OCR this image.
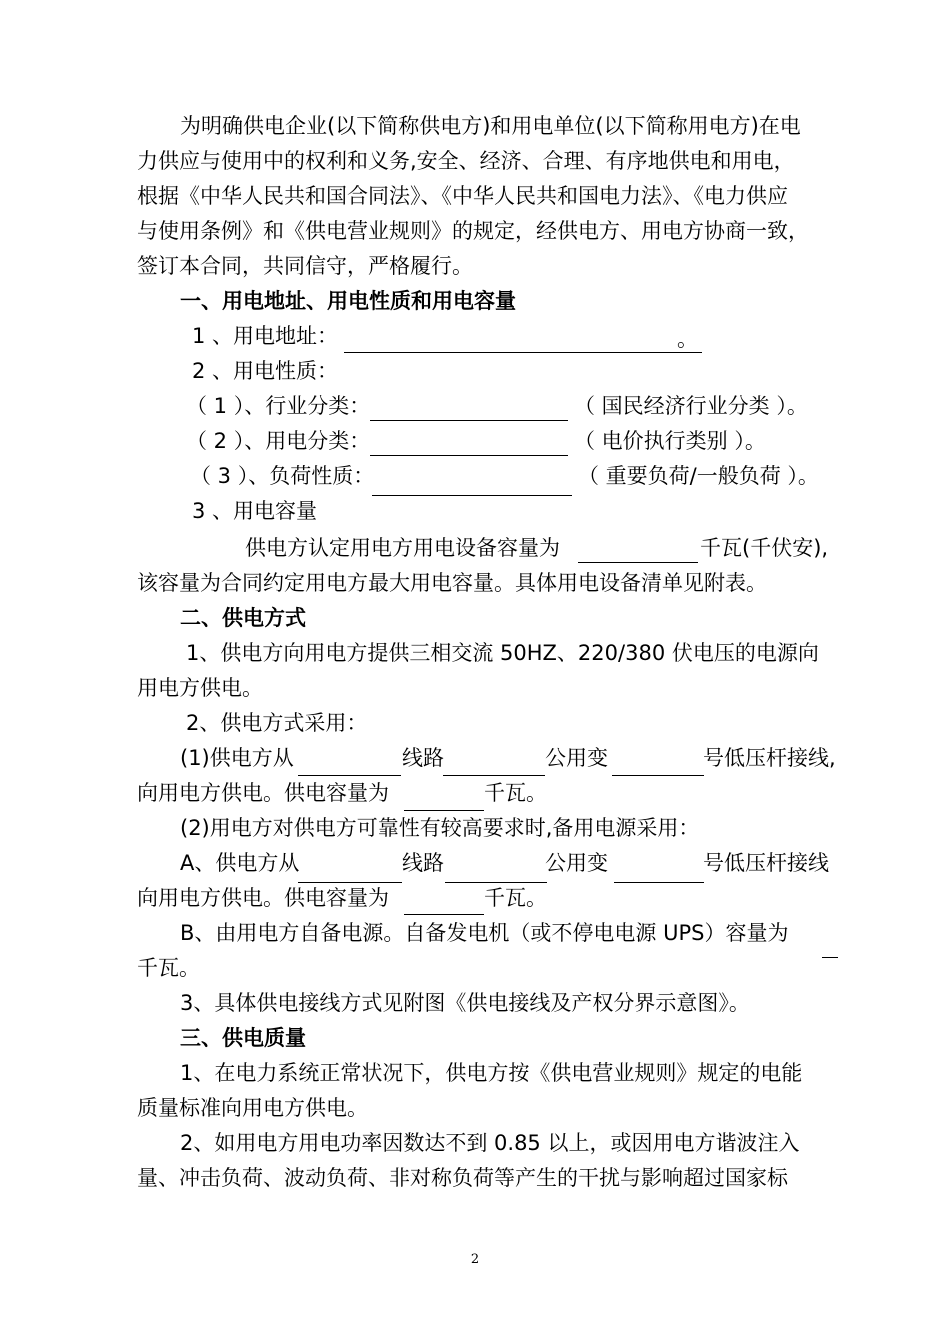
为明确供电企业(以下简称供电方)和用电单位(以下简称用电方)在电
力供应与使用中的权利和义务,安全、经济、合理、有序地供电和用电，
根据《中华人民共和国合同法》、《中华人民共和国电力法》、《电力供应
与使用条例》和《供电营业规则》的规定，经供电方、用电方协商一致，
签订本合同，共同信守，严格履行。
一、用电地址、用电性质和用电容量
1 、用电地址：	。
2 、用电性质：
（ 1 ）、行业分类：	（ 国民经济行业分类 ）。
（ 2 ）、用电分类：	（ 电价执行类别 ）。
（ 3 ）、负荷性质：	（ 重要负荷/一般负荷 ）。
3 、用电容量
供电方认定用电方用电设备容量为	千瓦(千伏安),
该容量为合同约定用电方最大用电容量。具体用电设备清单见附表。
二、供电方式
1、供电方向用电方提供三相交流 50HZ、220/380 伏电压的电源向
用电方供电。
2、供电方式采用：
(1)供电方从	线路	公用变	号低压杆接线,
向用电方供电。供电容量为	千瓦。
(2)用电方对供电方可靠性有较高要求时,备用电源采用：
A、供电方从	线路	公用变	号低压杆接线
向用电方供电。供电容量为	千瓦。
B、由用电方自备电源。自备发电机（或不停电电源 UPS）容量为
千瓦。
3、具体供电接线方式见附图《供电接线及产权分界示意图》。
三、供电质量
1、在电力系统正常状况下，供电方按《供电营业规则》规定的电能
质量标准向用电方供电。
2、如用电方用电功率因数达不到 0.85 以上，或因用电方谐波注入
量、冲击负荷、波动负荷、非对称负荷等产生的干扰与影响超过国家标
2
